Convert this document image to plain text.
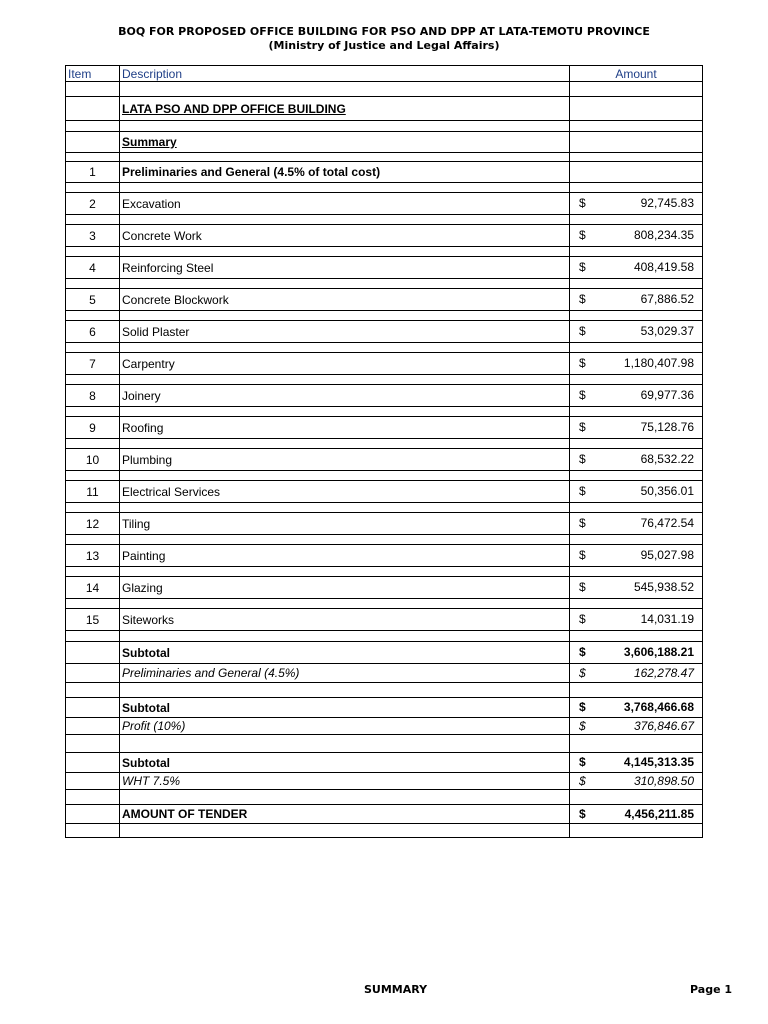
BOQ FOR PROPOSED OFFICE BUILDING FOR PSO AND DPP AT LATA-TEMOTU PROVINCE
(Ministry of Justice and Legal Affairs)
Item	Description	Amount

	LATA PSO AND DPP OFFICE BUILDING	

	Summary	

1	Preliminaries and General (4.5% of total cost)	

2	Excavation	$ 92,745.83

3	Concrete Work	$ 808,234.35

4	Reinforcing Steel	$ 408,419.58

5	Concrete Blockwork	$ 67,886.52

6	Solid Plaster	$ 53,029.37

7	Carpentry	$ 1,180,407.98

8	Joinery	$ 69,977.36

9	Roofing	$ 75,128.76

10	Plumbing	$ 68,532.22

11	Electrical Services	$ 50,356.01

12	Tiling	$ 76,472.54

13	Painting	$ 95,027.98

14	Glazing	$ 545,938.52

15	Siteworks	$ 14,031.19

	Subtotal	$ 3,606,188.21

	Preliminaries and General (4.5%)	$ 162,278.47

	Subtotal	$ 3,768,466.68

	Profit (10%)	$ 376,846.67

	Subtotal	$ 4,145,313.35

	WHT 7.5%	$ 310,898.50

	AMOUNT OF TENDER	$ 4,456,211.85

SUMMARY	Page 1
